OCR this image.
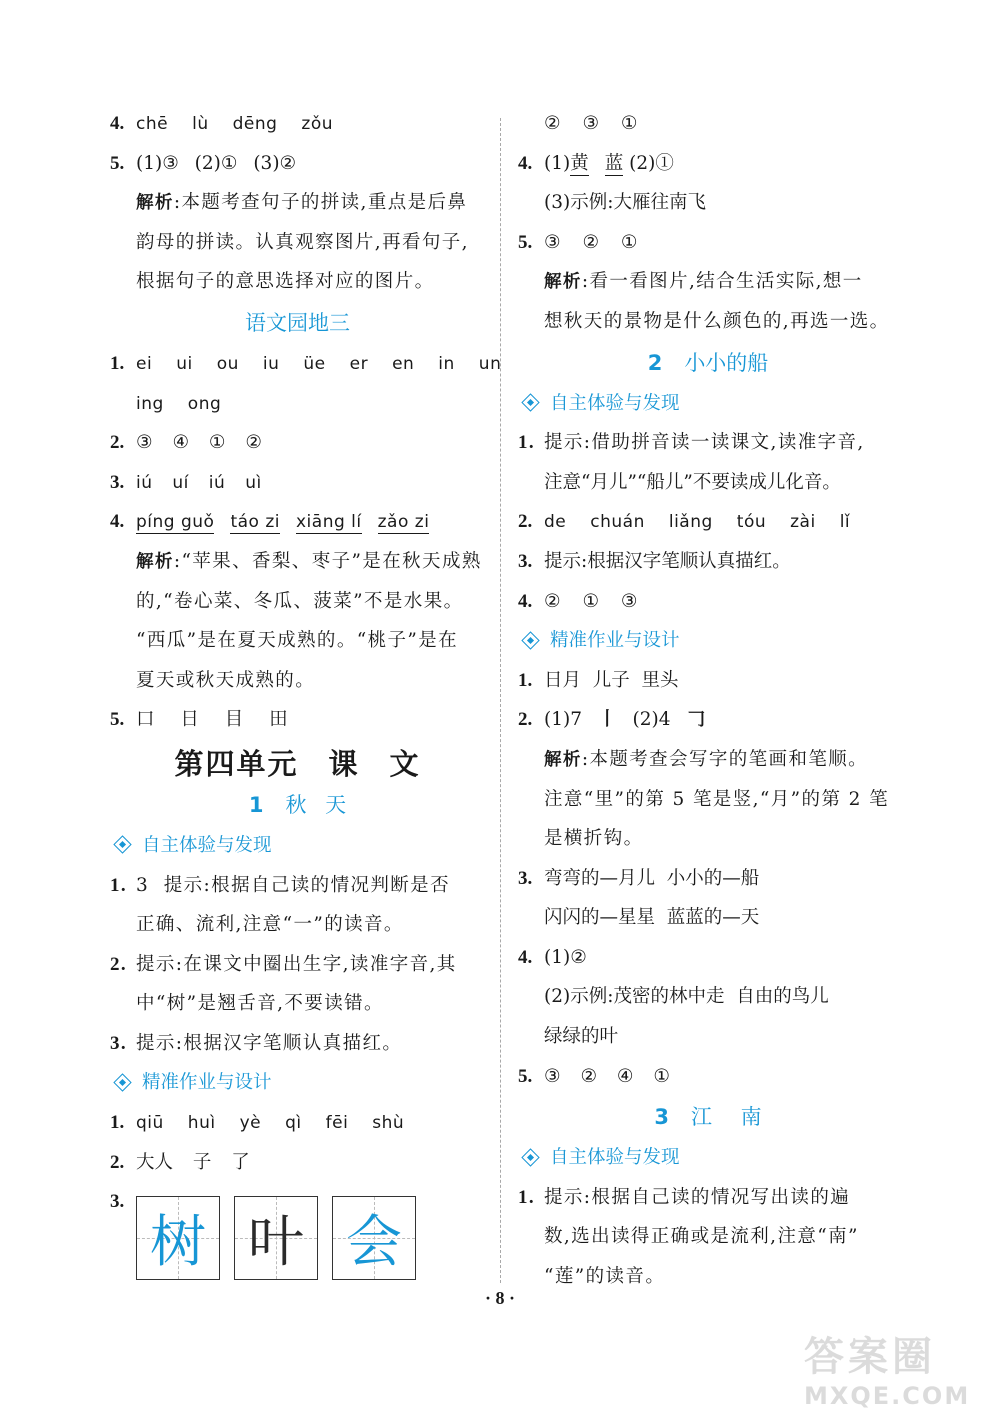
4. chē lù dēng zǒu
5. (1)③ (2)① (3)②
解析:本题考查句子的拼读,重点是后鼻
韵母的拼读。认真观察图片,再看句子,
根据句子的意思选择对应的图片。
语文园地三
1. ei ui ou iu üe er en in un
ing ong
2. ③ ④ ① ②
3. iú uí iú uì
4. píng guǒ táo zi xiāng lí zǎo zi
解析:“苹果、香梨、枣子”是在秋天成熟
的,“卷心菜、冬瓜、菠菜”不是水果。
“西瓜”是在夏天成熟的。“桃子”是在
夏天或秋天成熟的。
5. 口 日 目 田
第四单元 课 文
1 秋 天
自主体验与发现
1. 3  提示:根据自己读的情况判断是否
正确、流利,注意“一”的读音。
2. 提示:在课文中圈出生字,读准字音,其
中“树”是翘舌音,不要读错。
3. 提示:根据汉字笔顺认真描红。
精准作业与设计
1. qiū huì yè qì fēi shù
2. 大人 子 了
3.
树 叶 会
② ③ ①
4. (1)黄 蓝 (2)①
(3)示例:大雁往南飞
5. ③ ② ①
解析:看一看图片,结合生活实际,想一
想秋天的景物是什么颜色的,再选一选。
2 小小的船
自主体验与发现
1. 提示:借助拼音读一读课文,读准字音,
注意“月儿”“船儿”不要读成儿化音。
2. de chuán liǎng tóu zài lǐ
3. 提示:根据汉字笔顺认真描红。
4. ② ① ③
精准作业与设计
1. 日月  儿子  里头
2. (1)7 丨 (2)4 𠃌
解析:本题考查会写字的笔画和笔顺。
注意“里”的第 5 笔是竖,“月”的第 2 笔
是横折钩。
3. 弯弯的—月儿  小小的—船
闪闪的—星星  蓝蓝的—天
4. (1)②
(2)示例:茂密的林中走  自由的鸟儿
绿绿的叶
5. ③ ② ④ ①
3 江 南
自主体验与发现
1. 提示:根据自己读的情况写出读的遍
数,选出读得正确或是流利,注意“南”
“莲”的读音。
· 8 ·
答案圈
MXQE.COM
